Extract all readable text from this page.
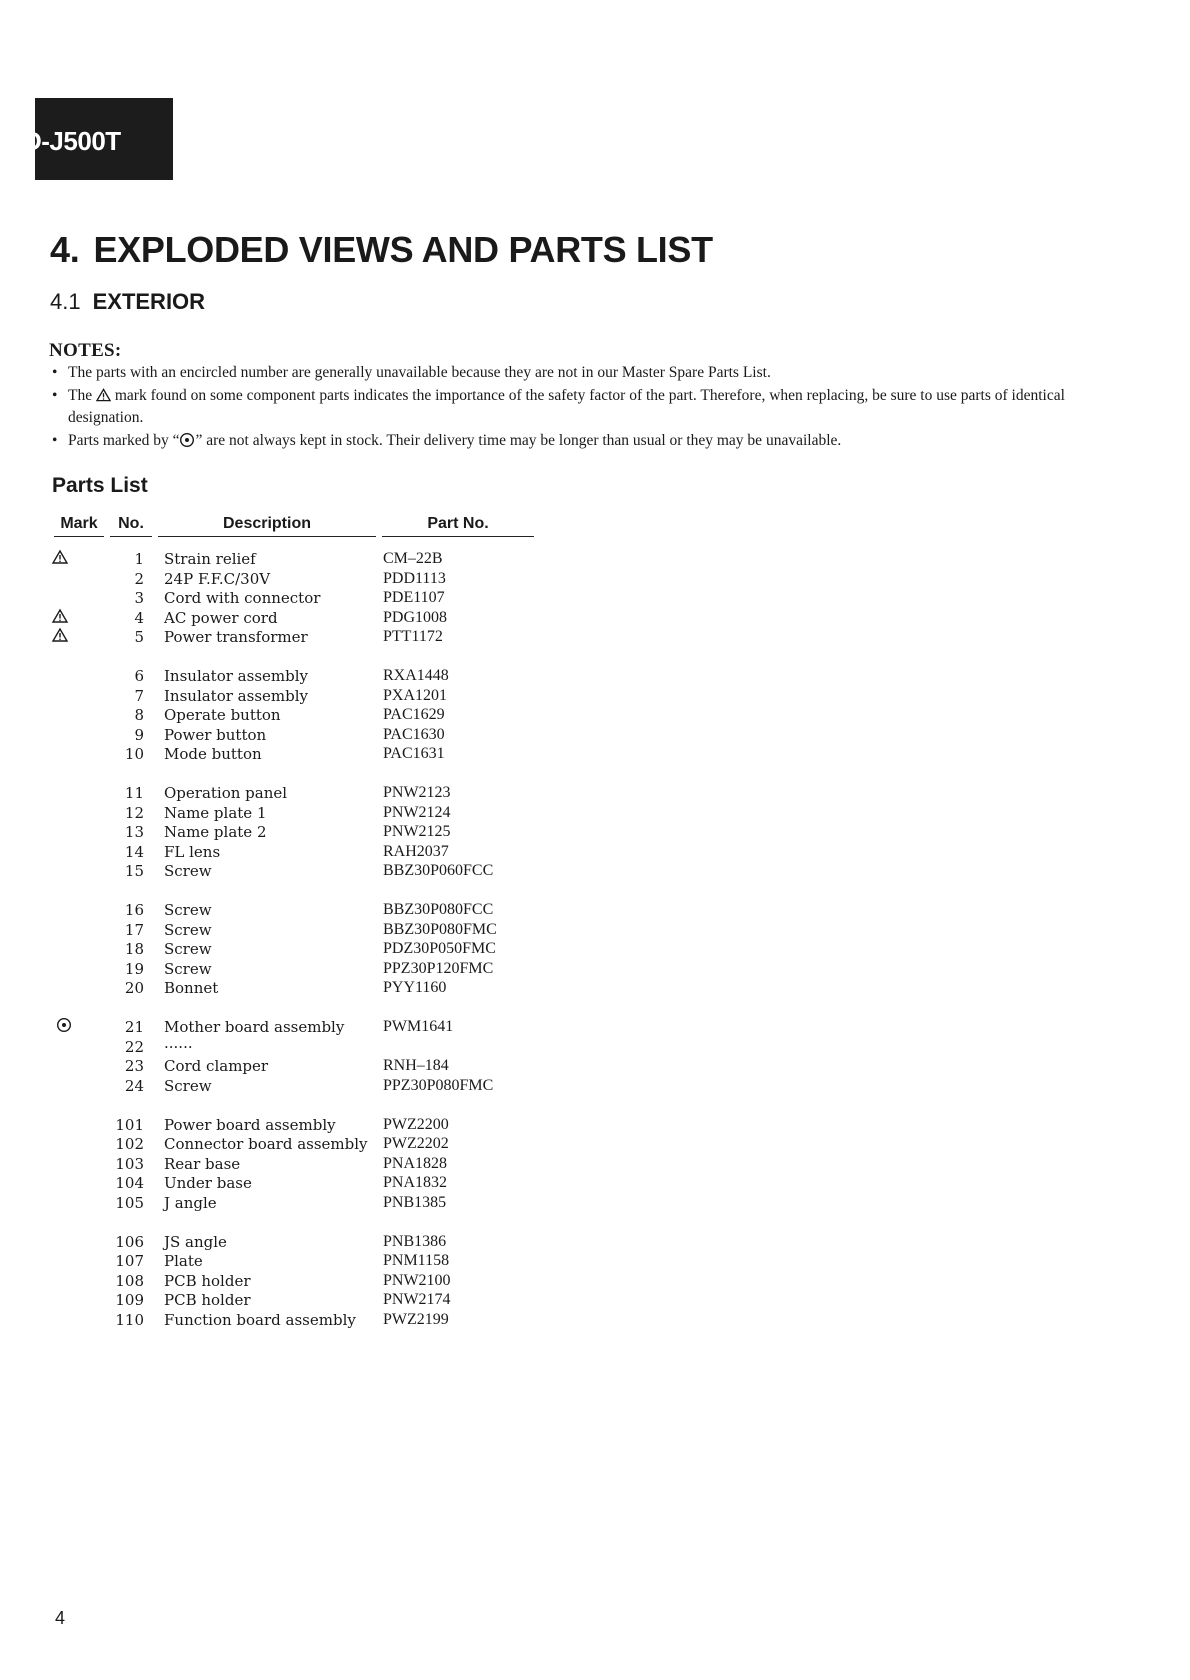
D-J500T
4. EXPLODED VIEWS AND PARTS LIST
4.1 EXTERIOR
NOTES:
• The parts with an encircled number are generally unavailable because they are not in our Master Spare Parts List.
• The mark found on some component parts indicates the importance of the safety factor of the part. Therefore, when replacing, be sure to use parts of identical designation.
• Parts marked by “ ” are not always kept in stock. Their delivery time may be longer than usual or they may be unavailable.
Parts List
Mark	No.	Description	Part No.
1 Strain relief	CM–22B
2 24P F.F.C/30V	PDD1113
3 Cord with connector	PDE1107
4 AC power cord	PDG1008
5 Power transformer	PTT1172
6 Insulator assembly	RXA1448
7 Insulator assembly	PXA1201
8 Operate button	PAC1629
9 Power button	PAC1630
10 Mode button	PAC1631
11 Operation panel	PNW2123
12 Name plate 1	PNW2124
13 Name plate 2	PNW2125
14 FL lens	RAH2037
15 Screw	BBZ30P060FCC
16 Screw	BBZ30P080FCC
17 Screw	BBZ30P080FMC
18 Screw	PDZ30P050FMC
19 Screw	PPZ30P120FMC
20 Bonnet	PYY1160
21 Mother board assembly PWM1641
22 ······
23 Cord clamper	RNH–184
24 Screw	PPZ30P080FMC
101 Power board assembly	PWZ2200
102 Connector board assembly PWZ2202
103 Rear base	PNA1828
104 Under base	PNA1832
105 J angle	PNB1385
106 JS angle	PNB1386
107 Plate	PNM1158
108 PCB holder	PNW2100
109 PCB holder	PNW2174
110 Function board assembly PWZ2199
4
